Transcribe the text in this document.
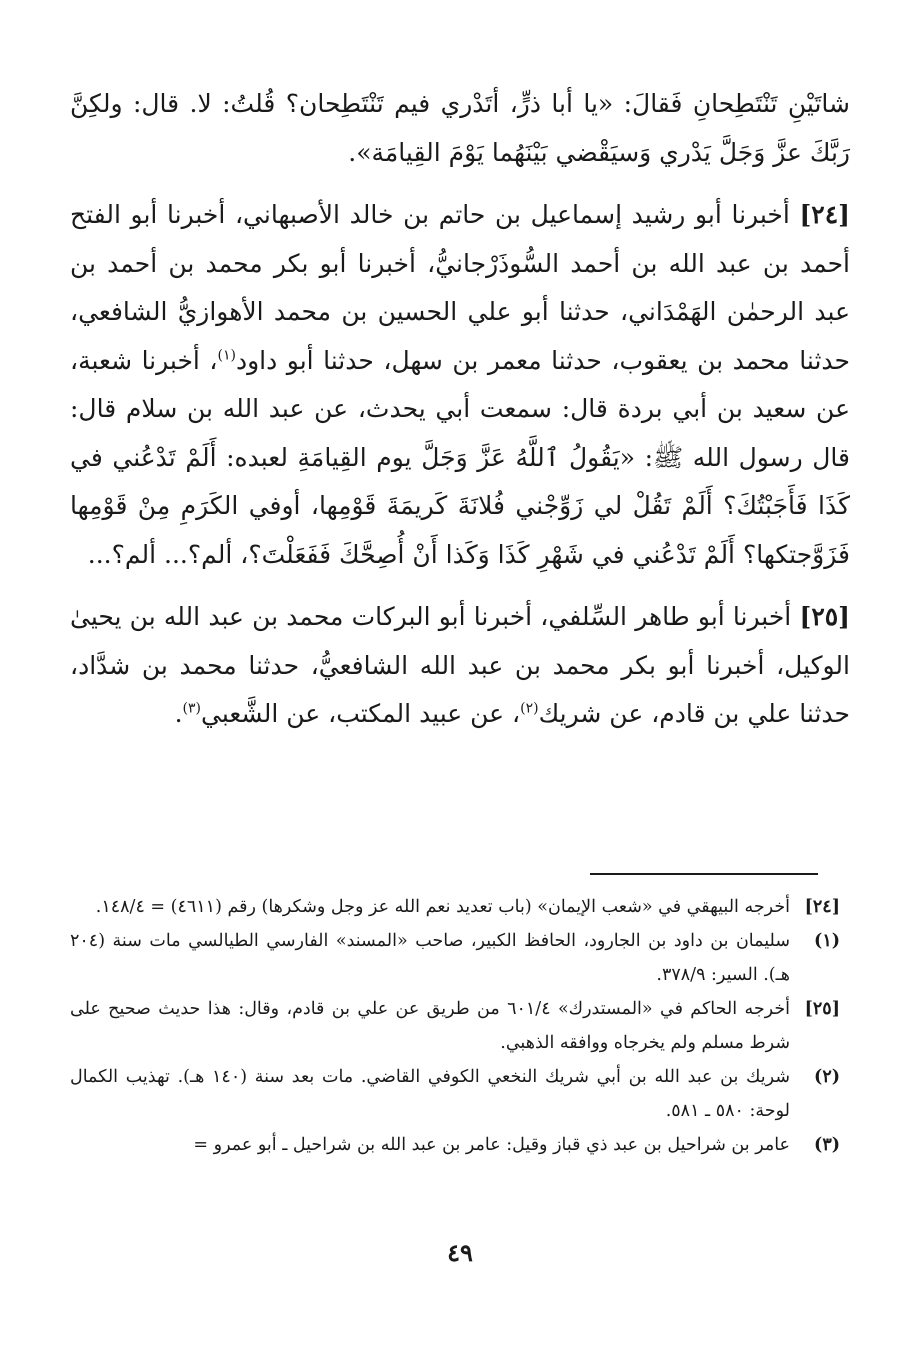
شاتَيْنِ تَنْتَطِحانِ فَقالَ: «يا أبا ذرٍّ، أتَدْري فيم تَنْتَطِحان؟ قُلتُ: لا. قال: ولكِنَّ رَبَّكَ عزَّ وَجَلَّ يَدْري وَسيَقْضي بَيْنَهُما يَوْمَ القِيامَة».

[٢٤] أخبرنا أبو رشيد إسماعيل بن حاتم بن خالد الأصبهاني، أخبرنا أبو الفتح أحمد بن عبد الله بن أحمد السُّوذَرْجانيُّ، أخبرنا أبو بكر محمد بن أحمد بن عبد الرحمٰن الهَمْدَاني، حدثنا أبو علي الحسين بن محمد الأهوازيُّ الشافعي، حدثنا محمد بن يعقوب، حدثنا معمر بن سهل، حدثنا أبو داود$^{(١)}$، أخبرنا شعبة، عن سعيد بن أبي بردة قال: سمعت أبي يحدث، عن عبد الله بن سلام قال: قال رسول الله ﷺ: «يَقُولُ ٱللَّهُ عَزَّ وَجَلَّ يوم القِيامَةِ لعبده: أَلَمْ تَدْعُني في كَذَا فَأَجَبْتُكَ؟ أَلَمْ تَقُلْ لي زَوِّجْني فُلانَةَ كَريمَةَ قَوْمِها، أوفي الكَرَمِ مِنْ قَوْمِها فَزَوَّجتكها؟ أَلَمْ تَدْعُني في شَهْرِ كَذَا وَكَذا أَنْ أُصِحَّكَ فَفَعَلْتَ؟، ألم؟... ألم؟...

[٢٥] أخبرنا أبو طاهر السِّلفي، أخبرنا أبو البركات محمد بن عبد الله بن يحيىٰ الوكيل، أخبرنا أبو بكر محمد بن عبد الله الشافعيُّ، حدثنا محمد بن شدَّاد، حدثنا علي بن قادم، عن شريك$^{(٢)}$، عن عبيد المكتب، عن الشَّعبي$^{(٣)}$.

[٢٤]
أخرجه البيهقي في «شعب الإيمان» (باب تعديد نعم الله عز وجل وشكرها) رقم (٤٦١١) = ١٤٨/٤.
(١)
سليمان بن داود بن الجارود، الحافظ الكبير، صاحب «المسند» الفارسي الطيالسي مات سنة (٢٠٤ هـ). السير: ٣٧٨/٩.
[٢٥]
أخرجه الحاكم في «المستدرك» ٦٠١/٤ من طريق عن علي بن قادم، وقال: هذا حديث صحيح على شرط مسلم ولم يخرجاه ووافقه الذهبي.
(٢)
شريك بن عبد الله بن أبي شريك النخعي الكوفي القاضي. مات بعد سنة (١٤٠ هـ). تهذيب الكمال لوحة: ٥٨٠ ـ ٥٨١.
(٣)
عامر بن شراحيل بن عبد ذي قباز وقيل: عامر بن عبد الله بن شراحيل ـ أبو عمرو =
٤٩
